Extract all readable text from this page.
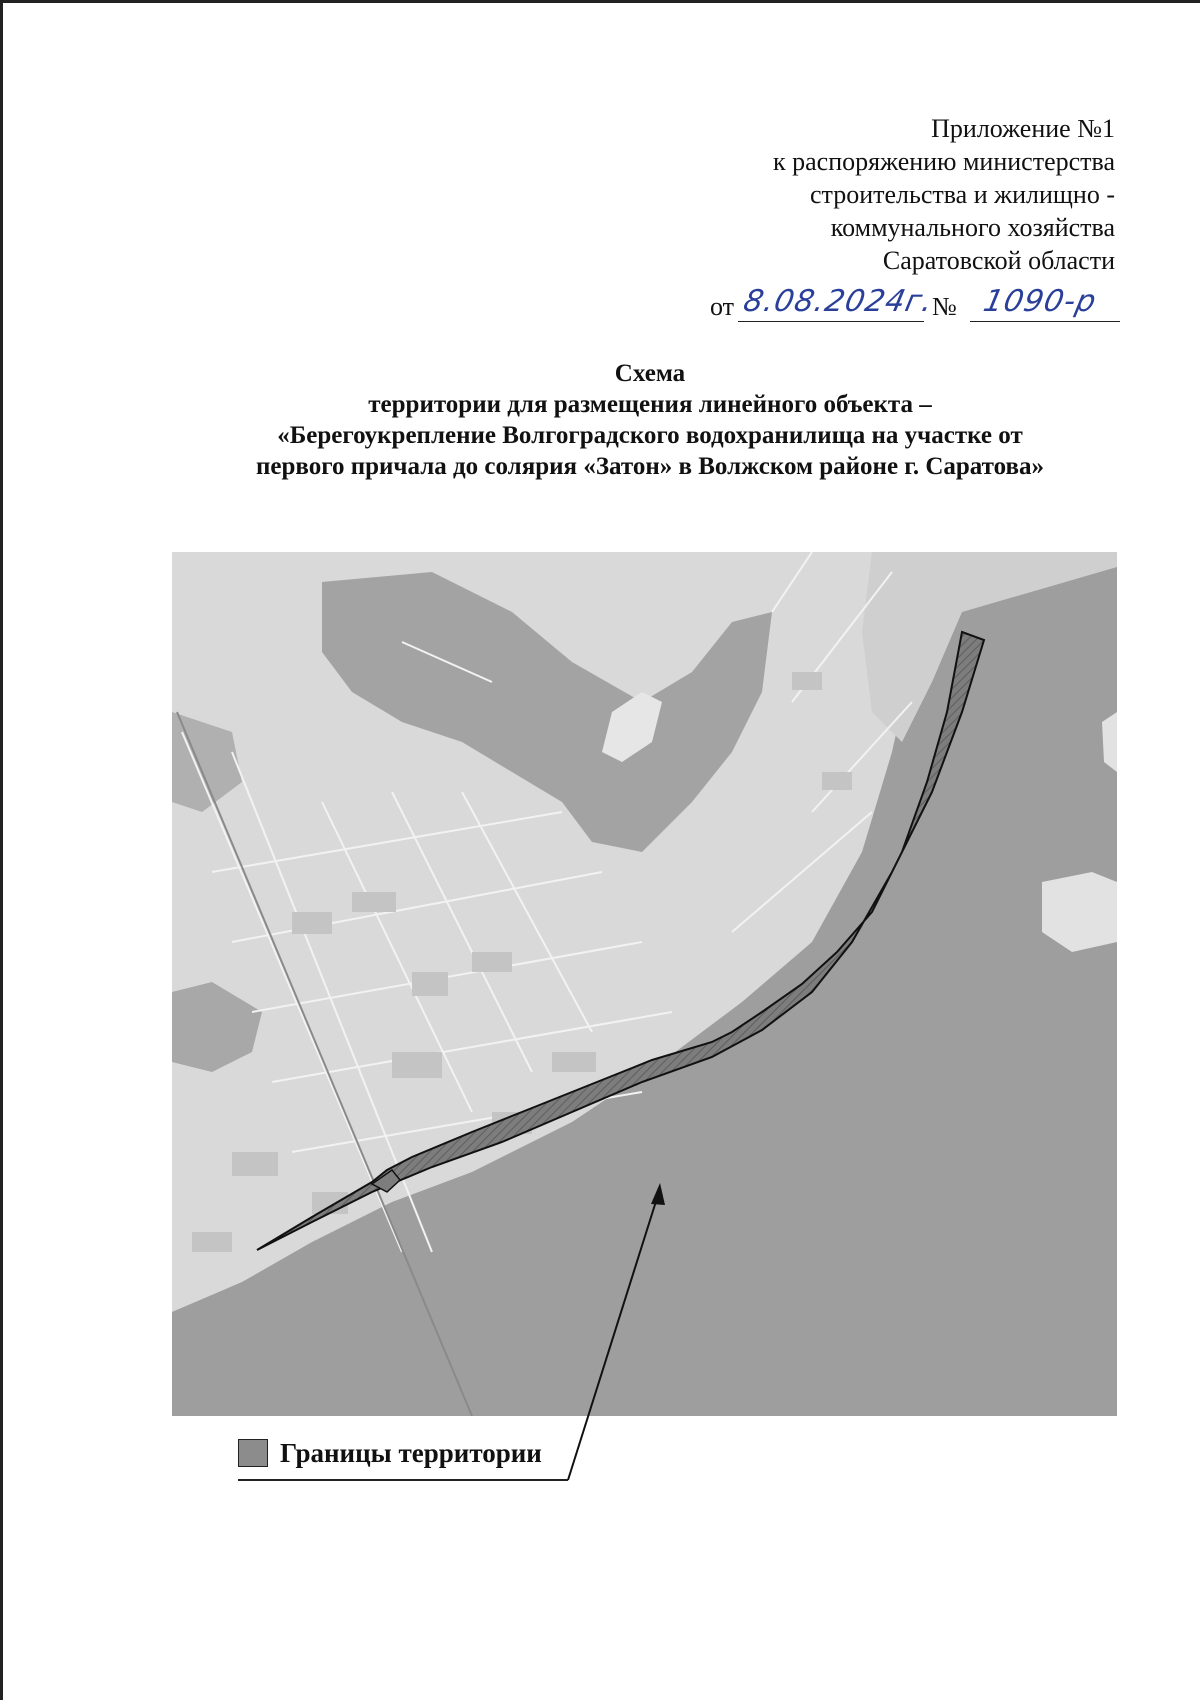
Приложение №1
к распоряжению министерства
строительства и жилищно -
коммунального хозяйства
Саратовской области
от 8.08.2024г.
№ 1090-р
Схема
территории для размещения линейного объекта –
«Берегоукрепление Волгоградского водохранилища на участке от
первого причала до солярия «Затон» в Волжском районе г. Саратова»
Границы территории
